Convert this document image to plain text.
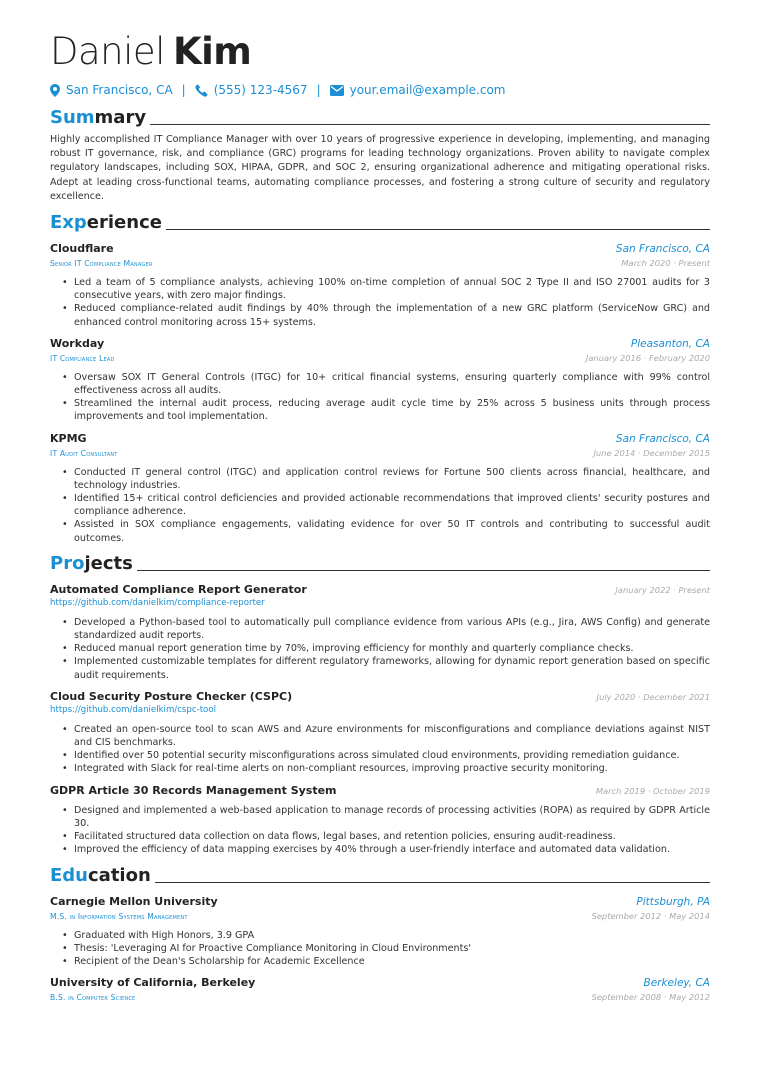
Daniel Kim
San Francisco, CA | (555) 123-4567 | your.email@example.com
Summary
Highly accomplished IT Compliance Manager with over 10 years of progressive experience in developing, implementing, and managing robust IT governance, risk, and compliance (GRC) programs for leading technology organizations. Proven ability to navigate complex regulatory landscapes, including SOX, HIPAA, GDPR, and SOC 2, ensuring organizational adherence and mitigating operational risks. Adept at leading cross-functional teams, automating compliance processes, and fostering a strong culture of security and regulatory excellence.
Experience
Cloudflare	San Francisco, CA
Senior IT Compliance Manager	March 2020 · Present
• Led a team of 5 compliance analysts, achieving 100% on-time completion of annual SOC 2 Type II and ISO 27001 audits for 3 consecutive years, with zero major findings.
• Reduced compliance-related audit findings by 40% through the implementation of a new GRC platform (ServiceNow GRC) and enhanced control monitoring across 15+ systems.
Workday	Pleasanton, CA
IT Compliance Lead	January 2016 · February 2020
• Oversaw SOX IT General Controls (ITGC) for 10+ critical financial systems, ensuring quarterly compliance with 99% control effectiveness across all audits.
• Streamlined the internal audit process, reducing average audit cycle time by 25% across 5 business units through process improvements and tool implementation.
KPMG	San Francisco, CA
IT Audit Consultant	June 2014 · December 2015
• Conducted IT general control (ITGC) and application control reviews for Fortune 500 clients across financial, healthcare, and technology industries.
• Identified 15+ critical control deficiencies and provided actionable recommendations that improved clients' security postures and compliance adherence.
• Assisted in SOX compliance engagements, validating evidence for over 50 IT controls and contributing to successful audit outcomes.
Projects
Automated Compliance Report Generator	January 2022 · Present
https://github.com/danielkim/compliance-reporter
• Developed a Python-based tool to automatically pull compliance evidence from various APIs (e.g., Jira, AWS Config) and generate standardized audit reports.
• Reduced manual report generation time by 70%, improving efficiency for monthly and quarterly compliance checks.
• Implemented customizable templates for different regulatory frameworks, allowing for dynamic report generation based on specific audit requirements.
Cloud Security Posture Checker (CSPC)	July 2020 · December 2021
https://github.com/danielkim/cspc-tool
• Created an open-source tool to scan AWS and Azure environments for misconfigurations and compliance deviations against NIST and CIS benchmarks.
• Identified over 50 potential security misconfigurations across simulated cloud environments, providing remediation guidance.
• Integrated with Slack for real-time alerts on non-compliant resources, improving proactive security monitoring.
GDPR Article 30 Records Management System	March 2019 · October 2019
• Designed and implemented a web-based application to manage records of processing activities (ROPA) as required by GDPR Article 30.
• Facilitated structured data collection on data flows, legal bases, and retention policies, ensuring audit-readiness.
• Improved the efficiency of data mapping exercises by 40% through a user-friendly interface and automated data validation.
Education
Carnegie Mellon University	Pittsburgh, PA
M.S. in Information Systems Management	September 2012 · May 2014
• Graduated with High Honors, 3.9 GPA
• Thesis: 'Leveraging AI for Proactive Compliance Monitoring in Cloud Environments'
• Recipient of the Dean's Scholarship for Academic Excellence
University of California, Berkeley	Berkeley, CA
B.S. in Computer Science	September 2008 · May 2012
